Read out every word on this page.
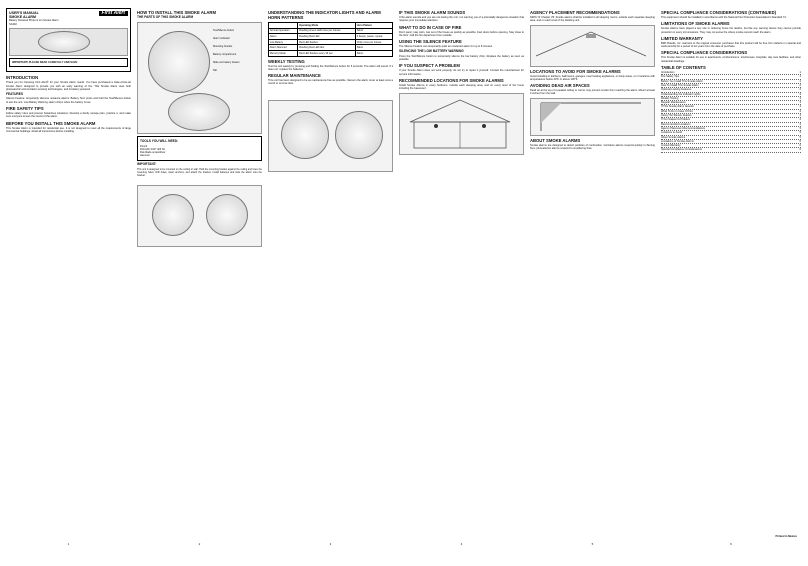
First Alert
USER'S MANUAL
SMOKE ALARM
Battery Powered Photo & Ion Smoke Alarm
SA302
IMPORTANT! PLEASE READ CAREFULLY AND SAVE.
INTRODUCTION

Thank you for choosing First Alert® for your Smoke Alarm needs. You have purchased a state-of-the-art Smoke Alarm designed to provide you with an early warning of fire. This Smoke Alarm uses both photoelectric and ionization sensing technologies, and is battery powered.

FEATURES

Silence Feature: temporarily silences nuisance alarms. Battery Test: press and hold the Test/Silence button to test the unit. Low Battery Warning: alarm chirps when the battery is low.

FIRE SAFETY TIPS

Follow safety rules and prevent hazardous situations. Develop a family escape plan, practice it, and make sure everyone knows the sound of the alarm.

BEFORE YOU INSTALL THIS SMOKE ALARM

This Smoke Alarm is intended for residential use. It is not designed to meet all the requirements of large commercial buildings. Read all instructions before installing.

1
HOW TO INSTALL THIS SMOKE ALARM
THE PARTS OF THIS SMOKE ALARM
Test/Silence button
Alarm Indicator
Mounting bracket
Battery compartment
Slide-out battery drawer
Tab
TOOLS YOU WILL NEED:
Pencil
Drill with 3/16" drill bit
Flat-blade screwdriver
Hammer
IMPORTANT:

This unit is designed to be mounted on the ceiling or wall. Hold the mounting bracket against the ceiling and trace the mounting holes. Drill holes, insert anchors, and attach the bracket. Install batteries and twist the alarm onto the bracket.

2
UNDERSTANDING THE INDICATOR LIGHTS AND ALARM HORN PATTERNS
	Operating Mode	Horn Pattern
Normal Operation	Flashing Green LED once per minute	Silent
Alarm	Flashing Red LED	3 beeps, pause, repeat
Low Battery	Red LED flashes	Chirp once per minute
Alarm Silenced	Flashing Red LED fast	Silent
Memory Mode	Red LED flashes every 16 sec	Silent
WEEKLY TESTING

Test the unit weekly by pressing and holding the Test/Silence button for 5 seconds. The alarm will sound. If it does not, replace the batteries.

REGULAR MAINTENANCE

This unit has been designed to be as maintenance-free as possible. Vacuum the alarm cover at least once a month to remove dust.

3
IF THIS SMOKE ALARM SOUNDS

If the alarm sounds and you are not testing the unit, it is warning you of a potentially dangerous situation that requires your immediate attention.

WHAT TO DO IN CASE OF FIRE

Don't panic; stay calm. Get out of the house as quickly as possible. Feel doors before opening. Stay close to the floor. Call the fire department from outside.

USING THE SILENCE FEATURE

The Silence Feature can temporarily quiet an unwanted alarm for up to 8 minutes.

SILENCING THE LOW BATTERY WARNING

Press the Test/Silence button to temporarily silence the low battery chirp. Replace the battery as soon as possible.

IF YOU SUSPECT A PROBLEM

If your Smoke Alarm does not work properly, do not try to repair it yourself. Contact the manufacturer for service information.

RECOMMENDED LOCATIONS FOR SMOKE ALARMS

Install Smoke Alarms in every bedroom, outside each sleeping area, and on every level of the home including the basement.

4
AGENCY PLACEMENT RECOMMENDATIONS

NFPA 72 Chapter 29: Smoke alarms shall be installed in all sleeping rooms, outside each separate sleeping area, and on each level of the dwelling unit.

LOCATIONS TO AVOID FOR SMOKE ALARMS

Avoid installing in kitchens, bathrooms, garages, near heating appliances, in dusty areas, or in locations with temperatures below 40°F or above 100°F.

AVOIDING DEAD AIR SPACES

Dead air at the top of a peaked ceiling or corner may prevent smoke from reaching the alarm. Mount at least 4 inches from the wall.

ABOUT SMOKE ALARMS

Smoke alarms are designed to detect particles of combustion. Ionization alarms respond quickly to flaming fires; photoelectric alarms respond to smoldering fires.

5
SPECIAL COMPLIANCE CONSIDERATIONS (CONTINUED)

This equipment should be installed in accordance with the National Fire Protection Association's Standard 72.

LIMITATIONS OF SMOKE ALARMS

Smoke Alarms have played a key role in reducing home fire deaths, but like any warning device they cannot provide protection in every circumstance. They may not sense fire where smoke cannot reach the alarm.

LIMITED WARRANTY

BRK Brands, Inc. warrants to the original consumer purchaser that this product will be free from defects in material and workmanship for a period of ten years from the date of purchase.

SPECIAL COMPLIANCE CONSIDERATIONS

This Smoke Alarm is suitable for use in apartments, condominiums, townhouses, hospitals, day care facilities, and other residential dwellings.

TABLE OF CONTENTS
Introduction	1
Fire Safety Tips	1
Before You Install This Smoke Alarm	1
How To Install This Smoke Alarm	2
Optional Locking Features	2
Understanding the Indicator Lights	3
Weekly Testing	3
Regular Maintenance	3
If This Smoke Alarm Sounds	4
What To Do In Case Of Fire	4
Using The Silence Feature	4
If You Suspect A Problem	4
Recommended Locations	4
Agency Placement Recommendations	5
Locations to Avoid	5
About Smoke Alarms	5
Limitations of Smoke Alarms	6
Limited Warranty	6
Special Compliance Considerations	6
Printed in Mexico
6
